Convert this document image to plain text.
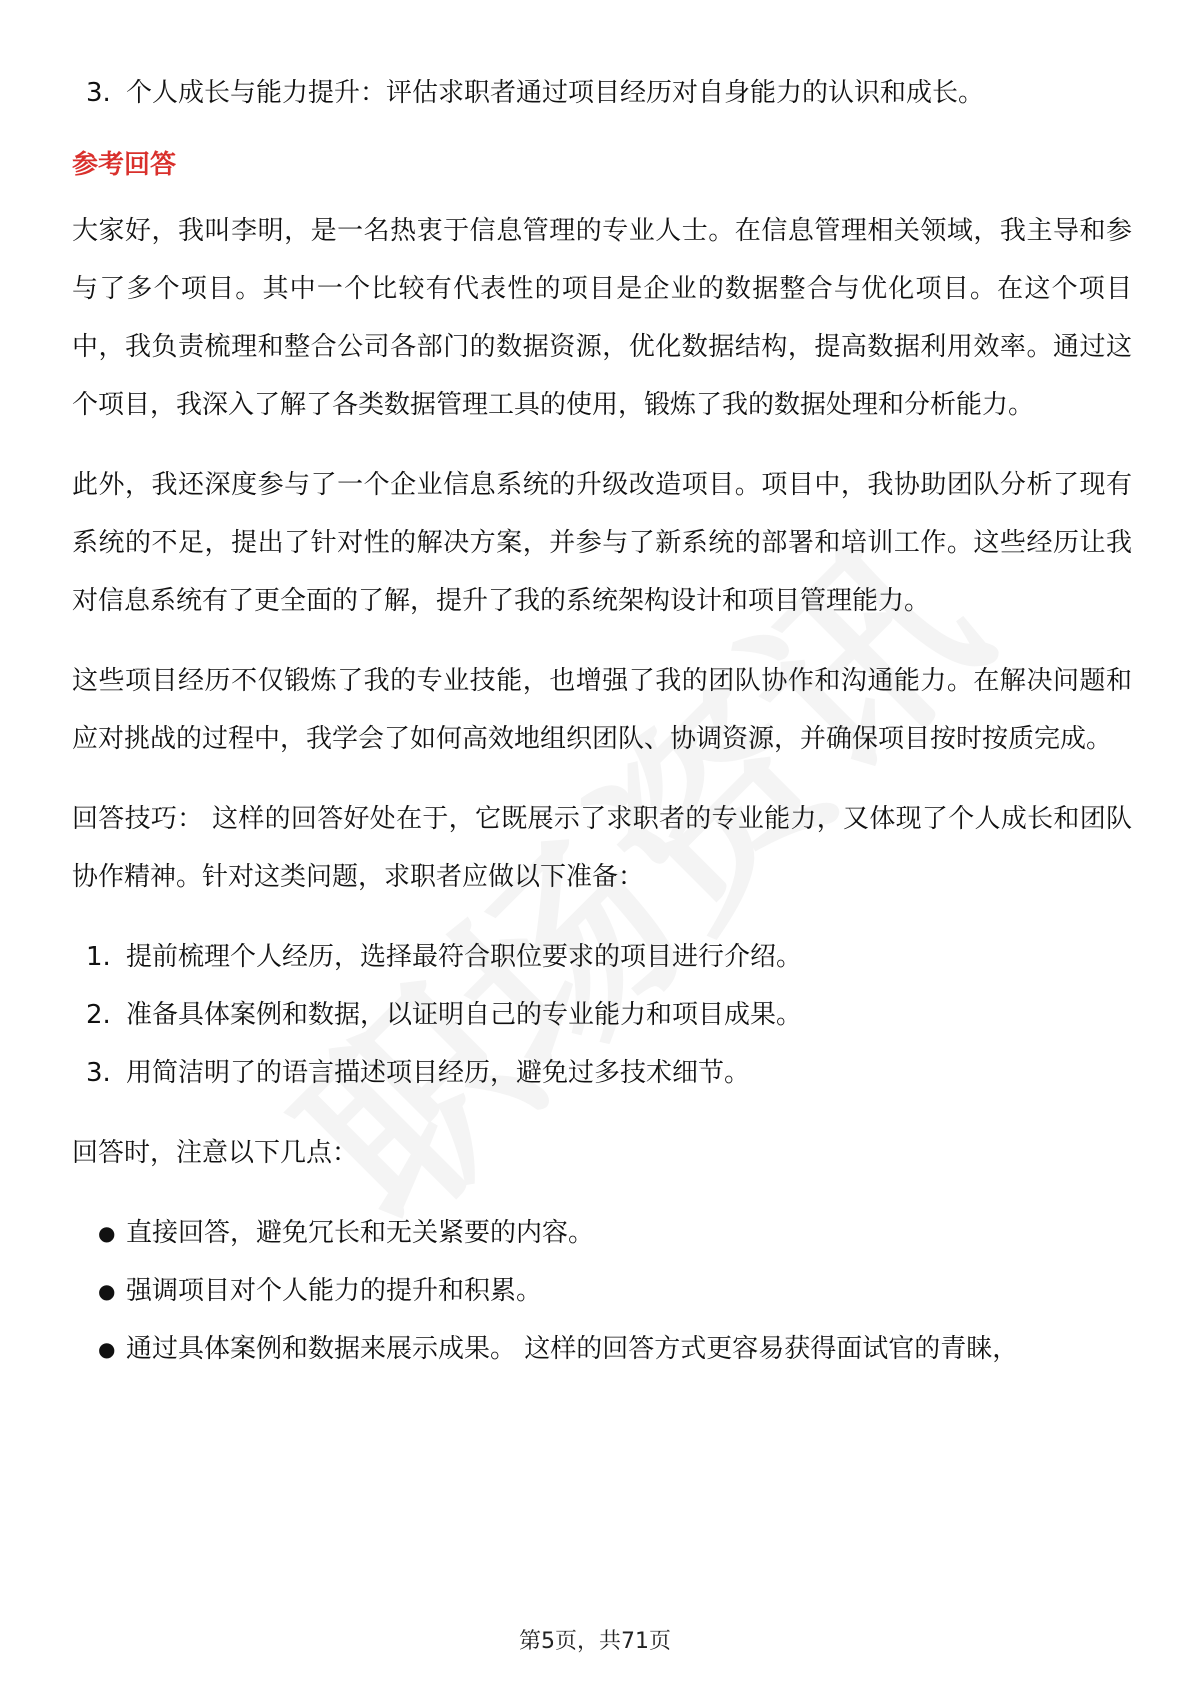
3. 个人成长与能力提升：评估求职者通过项目经历对自身能力的认识和成长。
参考回答

大家好，我叫李明，是一名热衷于信息管理的专业人士。在信息管理相关领域，我主导和参与了多个项目。其中一个比较有代表性的项目是企业的数据整合与优化项目。在这个项目中，我负责梳理和整合公司各部门的数据资源，优化数据结构，提高数据利用效率。通过这个项目，我深入了解了各类数据管理工具的使用，锻炼了我的数据处理和分析能力。

此外，我还深度参与了一个企业信息系统的升级改造项目。项目中，我协助团队分析了现有系统的不足，提出了针对性的解决方案，并参与了新系统的部署和培训工作。这些经历让我对信息系统有了更全面的了解，提升了我的系统架构设计和项目管理能力。

这些项目经历不仅锻炼了我的专业技能，也增强了我的团队协作和沟通能力。在解决问题和应对挑战的过程中，我学会了如何高效地组织团队、协调资源，并确保项目按时按质完成。

回答技巧： 这样的回答好处在于，它既展示了求职者的专业能力，又体现了个人成长和团队协作精神。针对这类问题，求职者应做以下准备：

1. 提前梳理个人经历，选择最符合职位要求的项目进行介绍。
2. 准备具体案例和数据，以证明自己的专业能力和项目成果。
3. 用简洁明了的语言描述项目经历，避免过多技术细节。

回答时，注意以下几点：

● 直接回答，避免冗长和无关紧要的内容。
● 强调项目对个人能力的提升和积累。
● 通过具体案例和数据来展示成果。 这样的回答方式更容易获得面试官的青睐，
第5页，共71页
